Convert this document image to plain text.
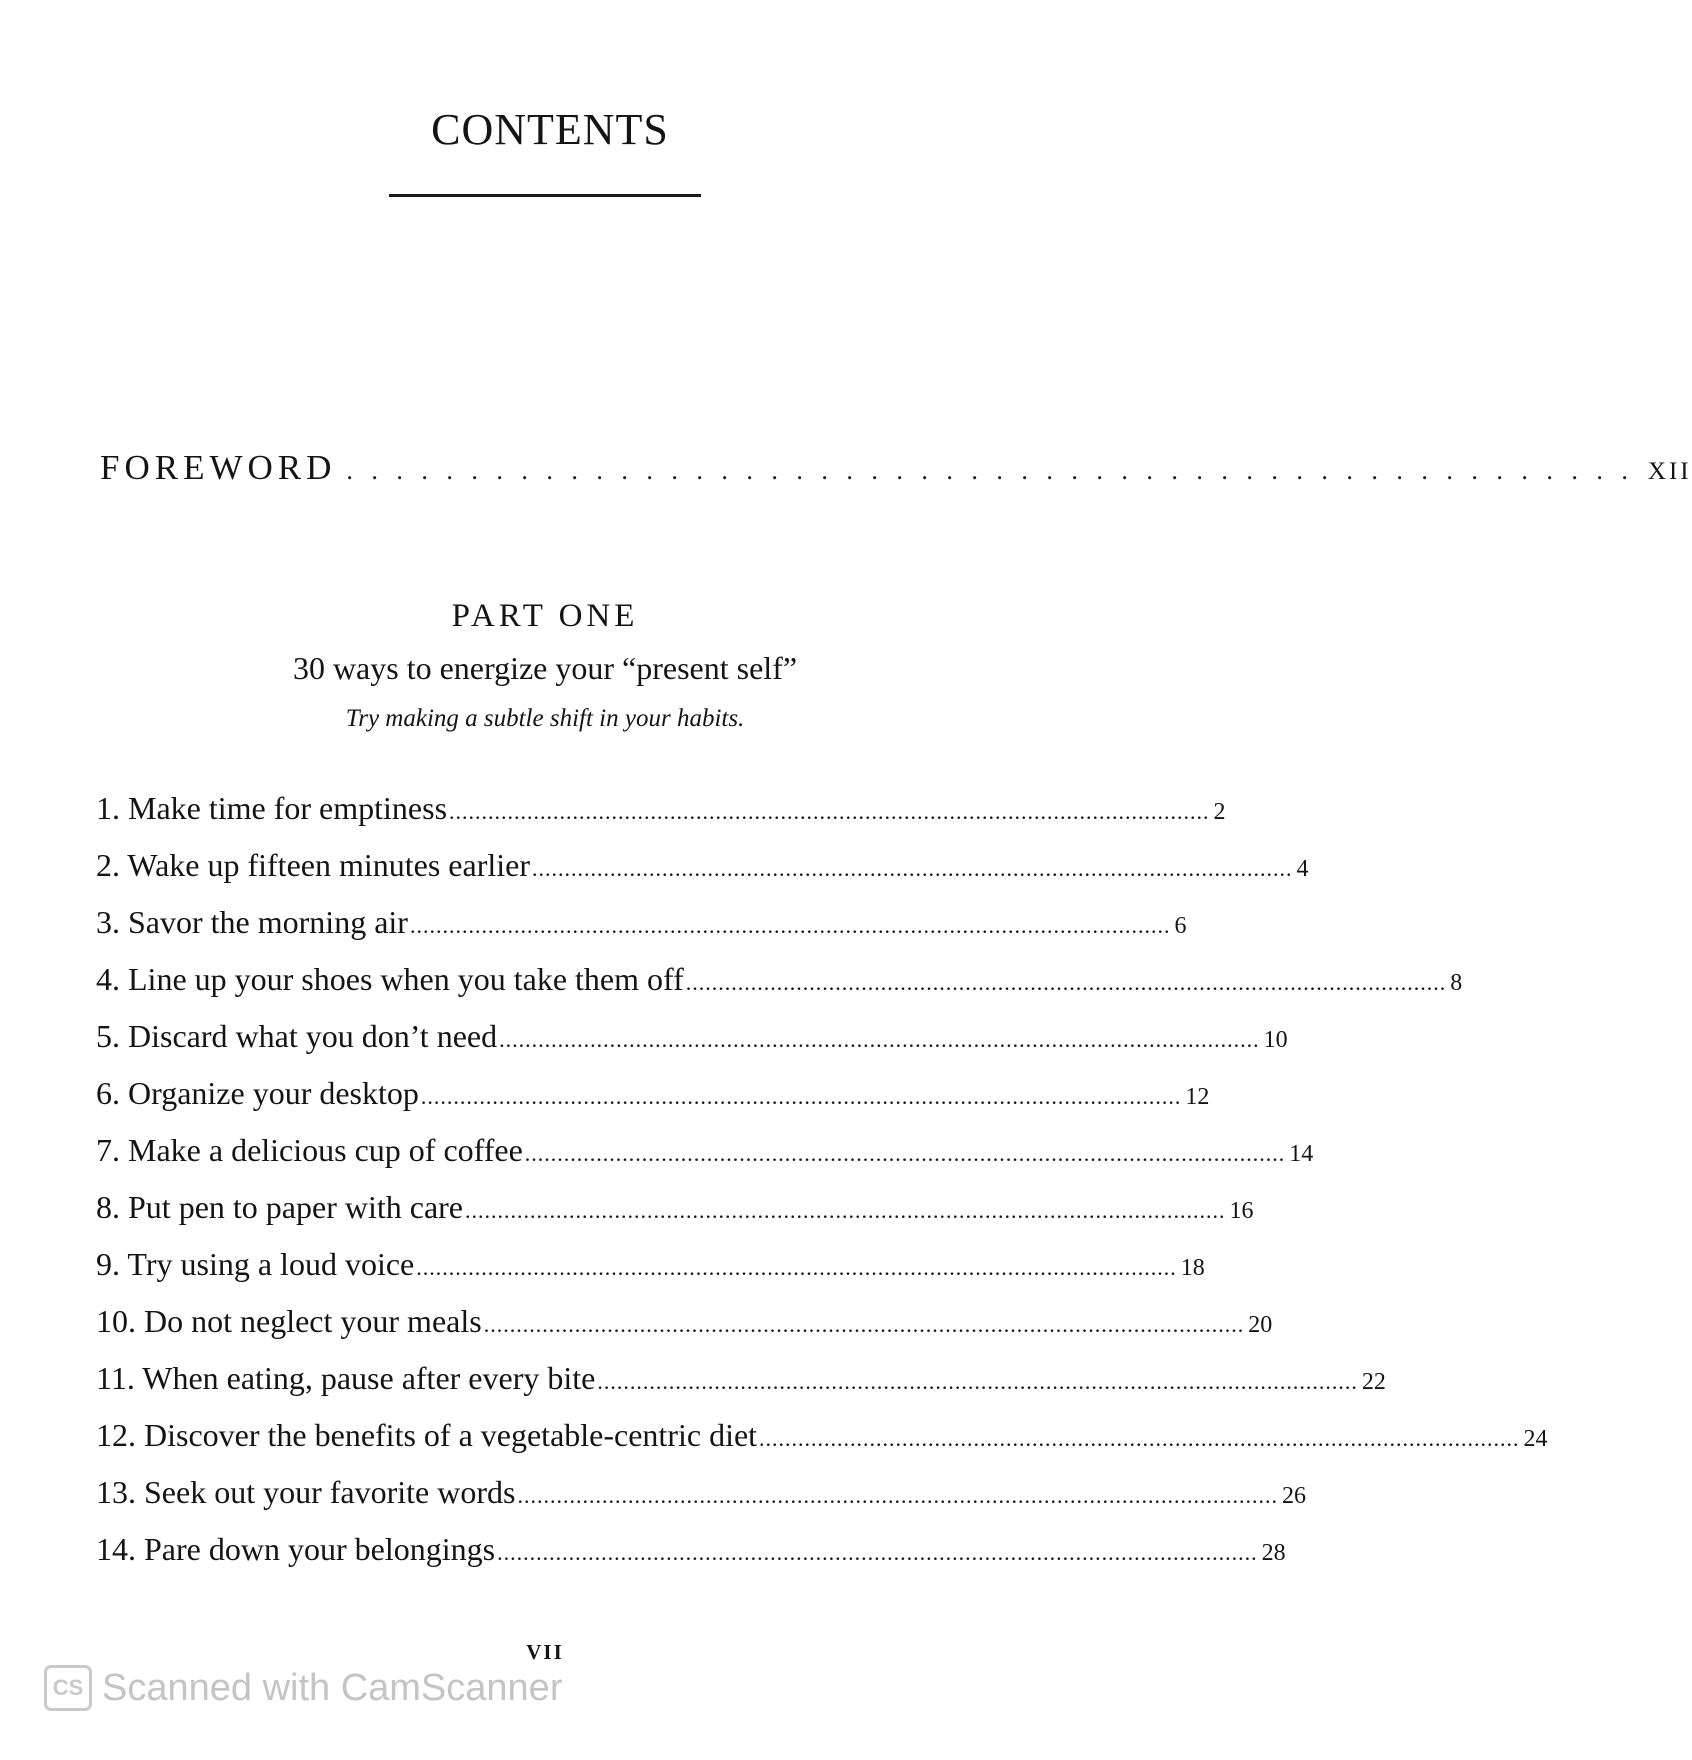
CONTENTS
FOREWORD . . . . . . . . . . . . . . . . . . . . . . . . . . . . . . . . . . . . . . . . . . . . . . . . . . . . XII
PART ONE
30 ways to energize your “present self”
Try making a subtle shift in your habits.
1. Make time for emptiness ..................................................................................................................... 2
2. Wake up fifteen minutes earlier ..................................................................................................................... 4
3. Savor the morning air ..................................................................................................................... 6
4. Line up your shoes when you take them off ..................................................................................................................... 8
5. Discard what you don’t need ..................................................................................................................... 10
6. Organize your desktop ..................................................................................................................... 12
7. Make a delicious cup of coffee ..................................................................................................................... 14
8. Put pen to paper with care ..................................................................................................................... 16
9. Try using a loud voice ..................................................................................................................... 18
10. Do not neglect your meals ..................................................................................................................... 20
11. When eating, pause after every bite ..................................................................................................................... 22
12. Discover the benefits of a vegetable-centric diet ..................................................................................................................... 24
13. Seek out your favorite words ..................................................................................................................... 26
14. Pare down your belongings ..................................................................................................................... 28
VII
CS Scanned with CamScanner
